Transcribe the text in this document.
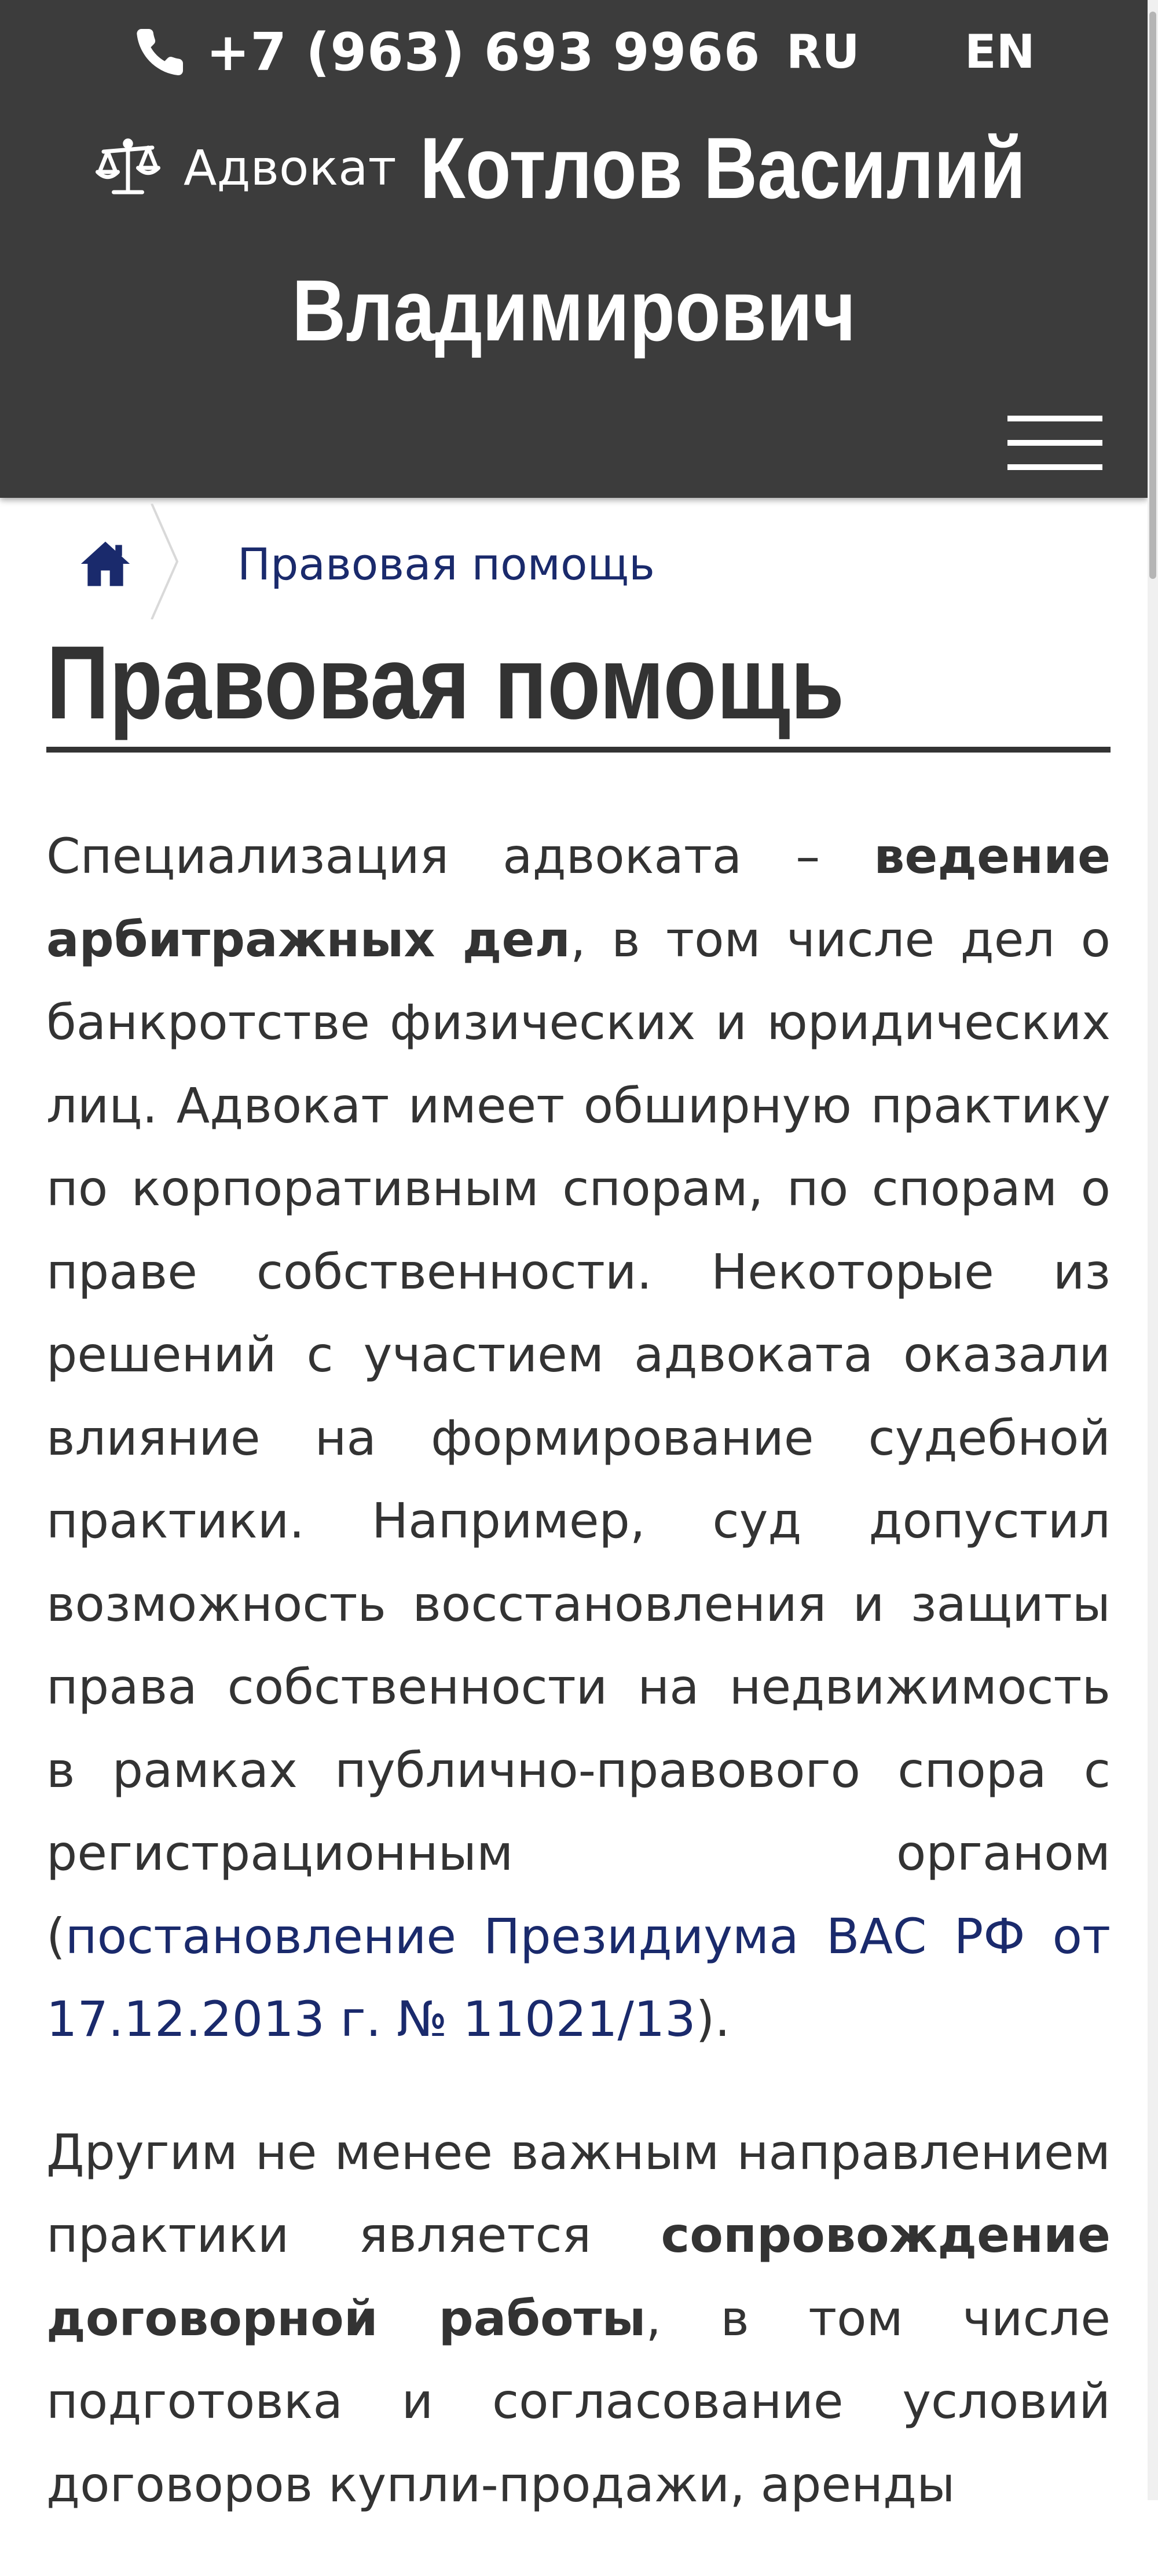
+7 (963) 693 9966 RU EN
Адвокат Котлов Василий
Владимирович
Правовая помощь
Правовая помощь

Специализация адвоката – ведение арбитражных дел, в том числе дел о банкротстве физических и юридических лиц. Адвокат имеет обширную практику по корпоративным спорам, по спорам о праве собственности. Некоторые из решений с участием адвоката оказали влияние на формирование судебной практики. Например, суд допустил возможность восстановления и защиты права собственности на недвижимость в рамках публично-правового спора с регистрационным органом (постановление Президиума ВАС РФ от 17.12.2013 г. № 11021/13).

Другим не менее важным направлением практики является сопровождение договорной работы, в том числе подготовка и согласование условий договоров купли-продажи, аренды
